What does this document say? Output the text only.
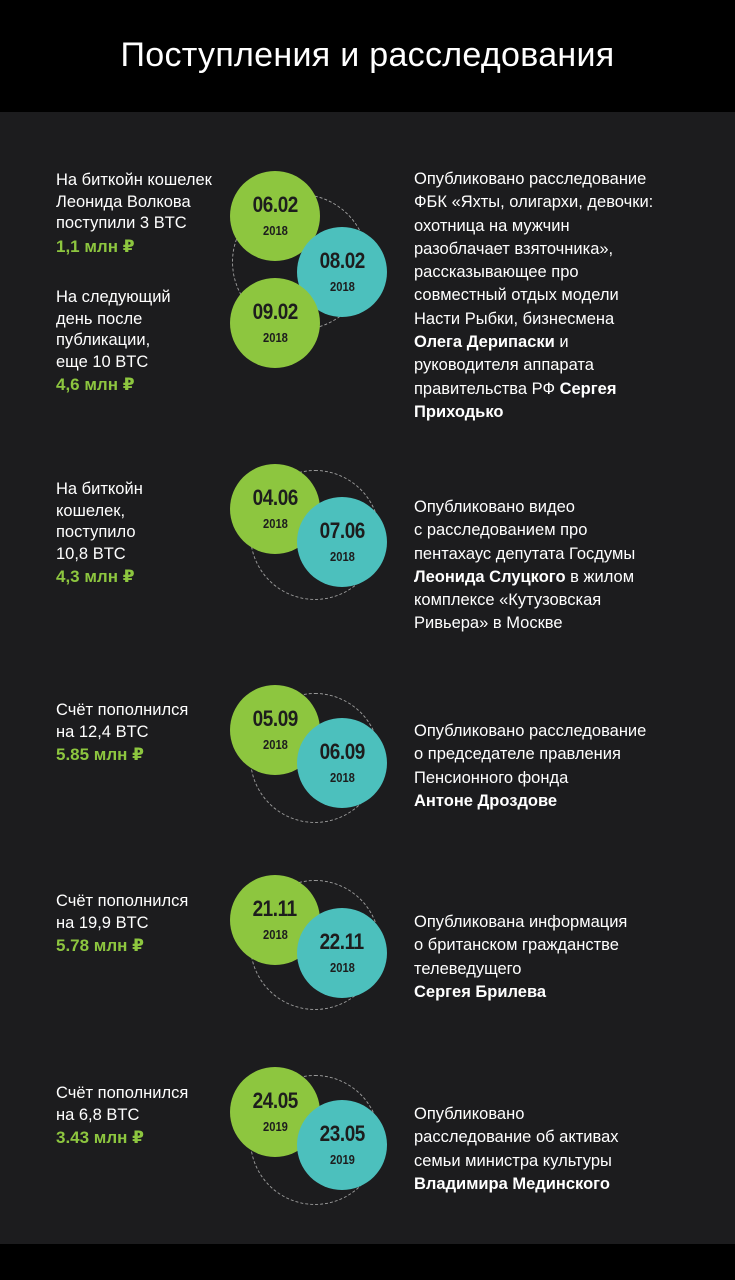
Поступления и расследования
На биткойн кошелек
Леонида Волкова
поступили 3 BTC
1,1 млн ₽
На следующий
день после
публикации,
еще 10 BTC
4,6 млн ₽
06.02
2018
08.02
2018
09.02
2018
Опубликовано расследование
ФБК «Яхты, олигархи, девочки:
охотница на мужчин
разоблачает взяточника»,
рассказывающее про
совместный отдых модели
Насти Рыбки, бизнесмена
Олега Дерипаски и
руководителя аппарата
правительства РФ Сергея
Приходько
На биткойн
кошелек,
поступило
10,8 BTC
4,3 млн ₽
04.06
2018 07.06
2018
Опубликовано видео
с расследованием про
пентахаус депутата Госдумы
Леонида Слуцкого в жилом
комплексе «Кутузовская
Ривьера» в Москве
Счёт пополнился
на 12,4 BTC
5.85 млн ₽
05.09
2018 06.09
2018
Опубликовано расследование
о председателе правления
Пенсионного фонда
Антоне Дроздове
Счёт пополнился
на 19,9 BTC
5.78 млн ₽
21.11
2018 22.11
2018
Опубликована информация
о британском гражданстве
телеведущего
Сергея Брилева
Счёт пополнился
на 6,8 BTC
3.43 млн ₽
24.05
2019 23.05
2019
Опубликовано
расследование об активах
семьи министра культуры
Владимира Мединского
